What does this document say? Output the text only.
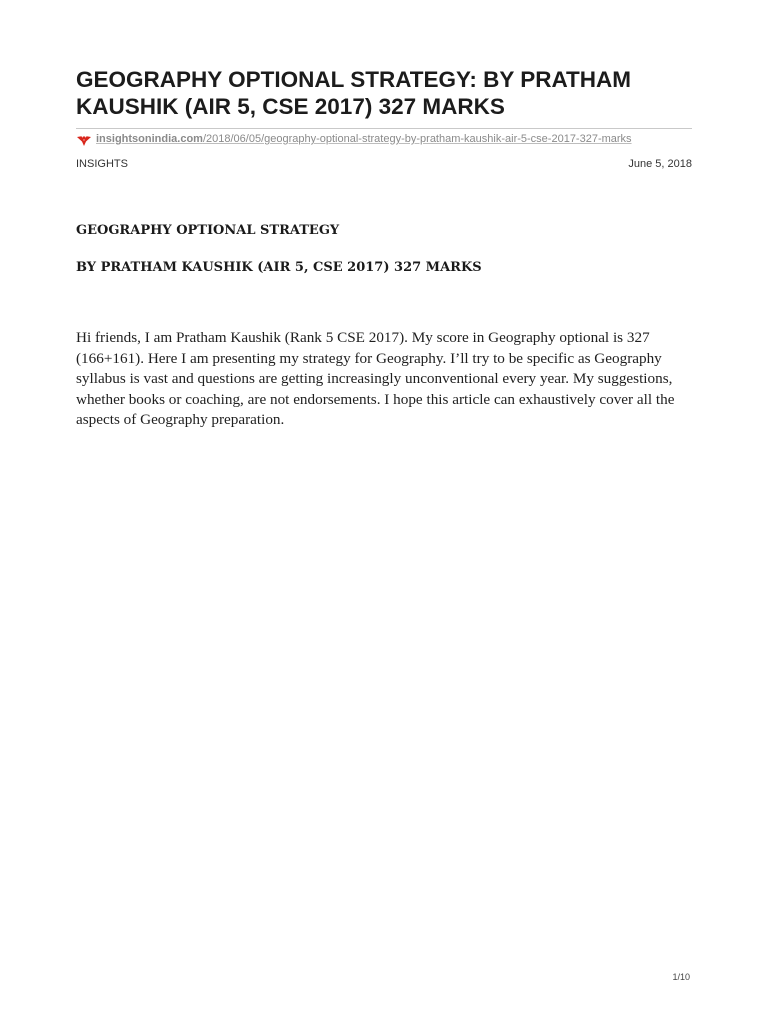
GEOGRAPHY OPTIONAL STRATEGY: BY PRATHAM KAUSHIK (AIR 5, CSE 2017) 327 MARKS
insightsonindia.com/2018/06/05/geography-optional-strategy-by-pratham-kaushik-air-5-cse-2017-327-marks
INSIGHTS	June 5, 2018
GEOGRAPHY OPTIONAL STRATEGY
BY PRATHAM KAUSHIK (AIR 5, CSE 2017) 327 MARKS

Hi friends, I am Pratham Kaushik (Rank 5 CSE 2017). My score in Geography optional is 327 (166+161). Here I am presenting my strategy for Geography. I’ll try to be specific as Geography syllabus is vast and questions are getting increasingly unconventional every year. My suggestions, whether books or coaching, are not endorsements. I hope this article can exhaustively cover all the aspects of Geography preparation.

1/10
